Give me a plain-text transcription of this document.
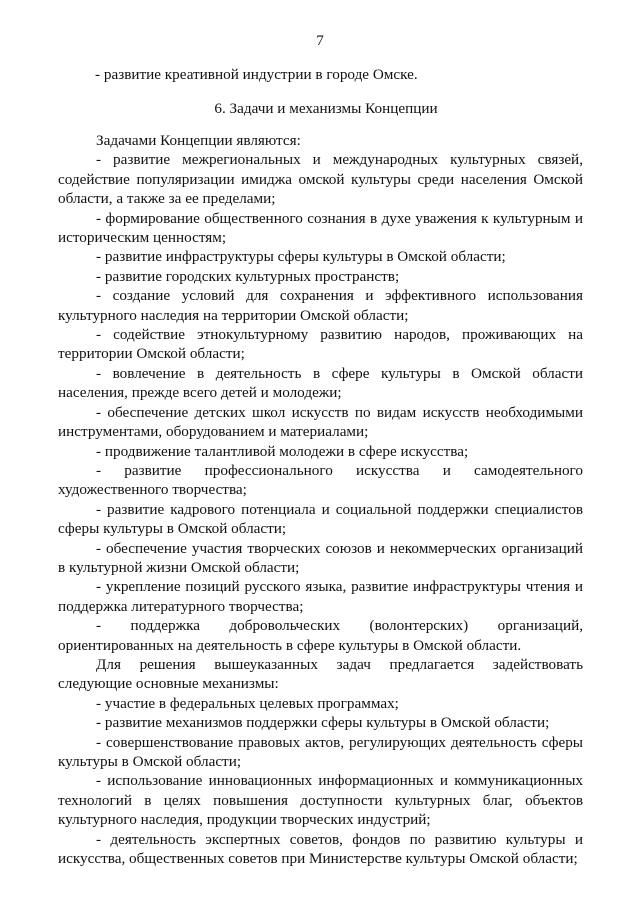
7
- развитие креативной индустрии в городе Омске.
6. Задачи и механизмы Концепции

Задачами Концепции являются:

- развитие межрегиональных и международных культурных связей, содействие популяризации имиджа омской культуры среди населения Омской области, а также за ее пределами;

- формирование общественного сознания в духе уважения к культурным и историческим ценностям;

- развитие инфраструктуры сферы культуры в Омской области;

- развитие городских культурных пространств;

- создание условий для сохранения и эффективного использования культурного наследия на территории Омской области;

- содействие этнокультурному развитию народов, проживающих на территории Омской области;

- вовлечение в деятельность в сфере культуры в Омской области населения, прежде всего детей и молодежи;

- обеспечение детских школ искусств по видам искусств необходимыми инструментами, оборудованием и материалами;

- продвижение талантливой молодежи в сфере искусства;

- развитие профессионального искусства и самодеятельного художественного творчества;

- развитие кадрового потенциала и социальной поддержки специалистов сферы культуры в Омской области;

- обеспечение участия творческих союзов и некоммерческих организаций в культурной жизни Омской области;

- укрепление позиций русского языка, развитие инфраструктуры чтения и поддержка литературного творчества;

- поддержка добровольческих (волонтерских) организаций, ориентированных на деятельность в сфере культуры в Омской области.

Для решения вышеуказанных задач предлагается задействовать следующие основные механизмы:

- участие в федеральных целевых программах;

- развитие механизмов поддержки сферы культуры в Омской области;

- совершенствование правовых актов, регулирующих деятельность сферы культуры в Омской области;

- использование инновационных информационных и коммуникационных технологий в целях повышения доступности культурных благ, объектов культурного наследия, продукции творческих индустрий;

- деятельность экспертных советов, фондов по развитию культуры и искусства, общественных советов при Министерстве культуры Омской области;
